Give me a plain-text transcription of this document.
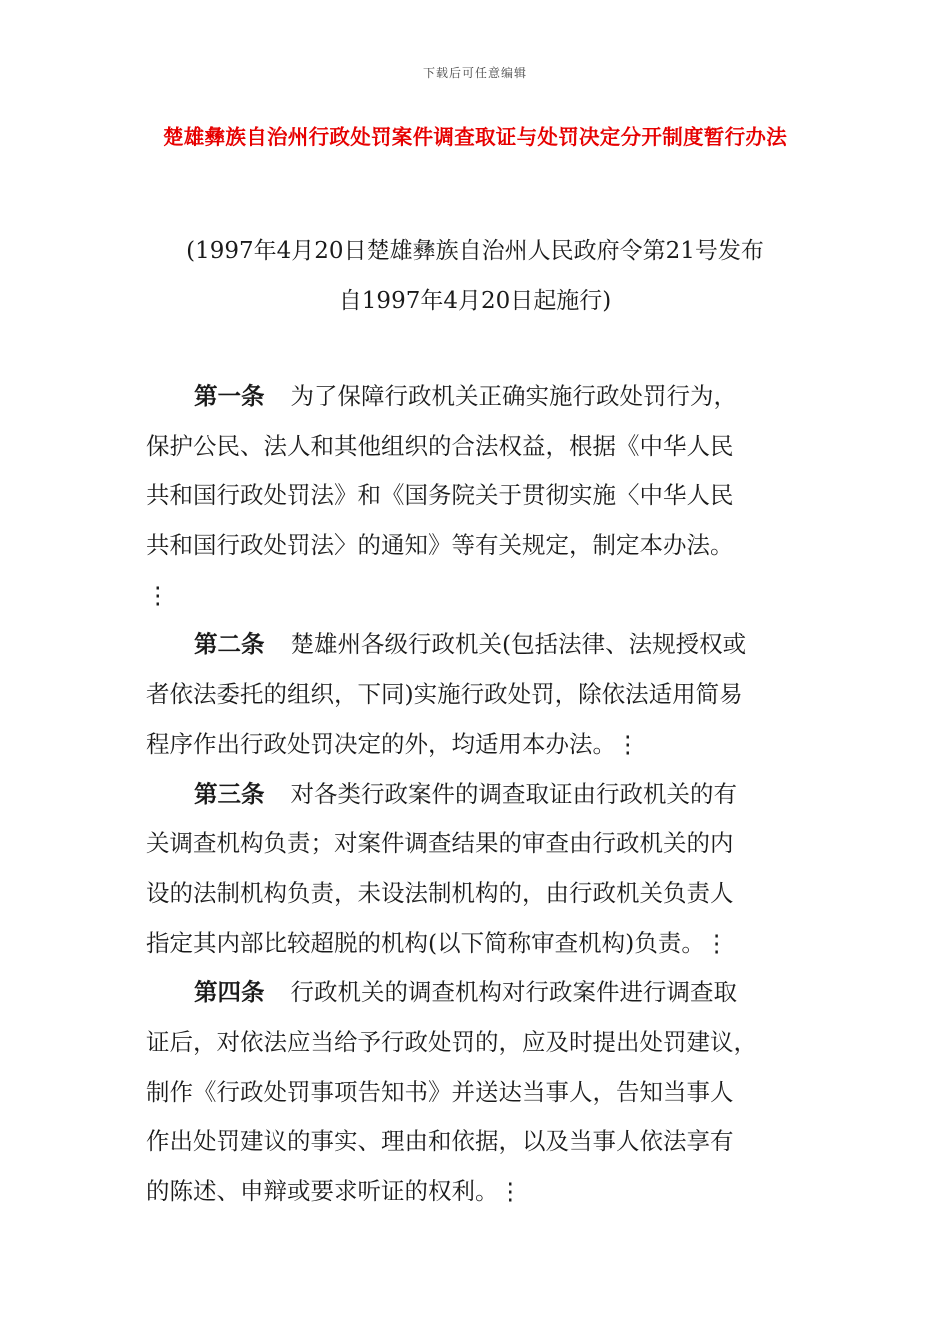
下载后可任意编辑
楚雄彝族自治州行政处罚案件调查取证与处罚决定分开制度暂行办法
(1997年4月20日楚雄彝族自治州人民政府令第21号发布
自1997年4月20日起施行)
第一条 为了保障行政机关正确实施行政处罚行为，
保护公民、法人和其他组织的合法权益，根据《中华人民
共和国行政处罚法》和《国务院关于贯彻实施〈中华人民
共和国行政处罚法〉的通知》等有关规定，制定本办法。
⋮
第二条 楚雄州各级行政机关(包括法律、法规授权或
者依法委托的组织，下同)实施行政处罚，除依法适用简易
程序作出行政处罚决定的外，均适用本办法。⋮
第三条 对各类行政案件的调查取证由行政机关的有
关调查机构负责；对案件调查结果的审查由行政机关的内
设的法制机构负责，未设法制机构的，由行政机关负责人
指定其内部比较超脱的机构(以下简称审查机构)负责。⋮
第四条 行政机关的调查机构对行政案件进行调查取
证后，对依法应当给予行政处罚的，应及时提出处罚建议，
制作《行政处罚事项告知书》并送达当事人，告知当事人
作出处罚建议的事实、理由和依据，以及当事人依法享有
的陈述、申辩或要求听证的权利。⋮
